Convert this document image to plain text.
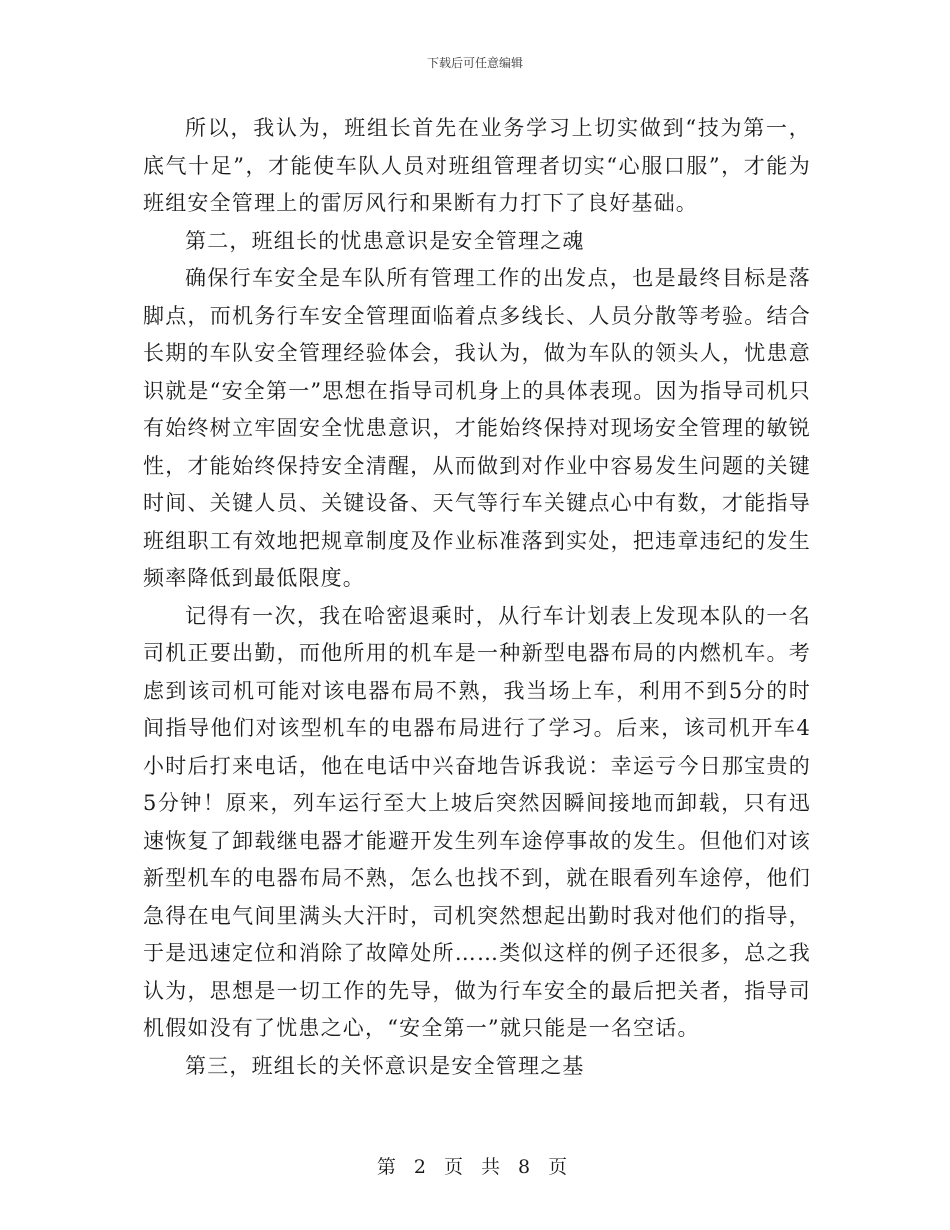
下载后可任意编辑

所以，我认为，班组长首先在业务学习上切实做到“技为第一，底气十足”，才能使车队人员对班组管理者切实“心服口服”，才能为班组安全管理上的雷厉风行和果断有力打下了良好基础。

第二，班组长的忧患意识是安全管理之魂

确保行车安全是车队所有管理工作的出发点，也是最终目标是落脚点，而机务行车安全管理面临着点多线长、人员分散等考验。结合长期的车队安全管理经验体会，我认为，做为车队的领头人，忧患意识就是“安全第一”思想在指导司机身上的具体表现。因为指导司机只有始终树立牢固安全忧患意识，才能始终保持对现场安全管理的敏锐性，才能始终保持安全清醒，从而做到对作业中容易发生问题的关键时间、关键人员、关键设备、天气等行车关键点心中有数，才能指导班组职工有效地把规章制度及作业标准落到实处，把违章违纪的发生频率降低到最低限度。

记得有一次，我在哈密退乘时，从行车计划表上发现本队的一名司机正要出勤，而他所用的机车是一种新型电器布局的内燃机车。考虑到该司机可能对该电器布局不熟，我当场上车，利用不到5分的时间指导他们对该型机车的电器布局进行了学习。后来，该司机开车4小时后打来电话，他在电话中兴奋地告诉我说：幸运亏今日那宝贵的5分钟！原来，列车运行至大上坡后突然因瞬间接地而卸载，只有迅速恢复了卸载继电器才能避开发生列车途停事故的发生。但他们对该新型机车的电器布局不熟，怎么也找不到，就在眼看列车途停，他们急得在电气间里满头大汗时，司机突然想起出勤时我对他们的指导，于是迅速定位和消除了故障处所……类似这样的例子还很多，总之我认为，思想是一切工作的先导，做为行车安全的最后把关者，指导司机假如没有了忧患之心，“安全第一”就只能是一名空话。

第三，班组长的关怀意识是安全管理之基

第 2 页 共 8 页
